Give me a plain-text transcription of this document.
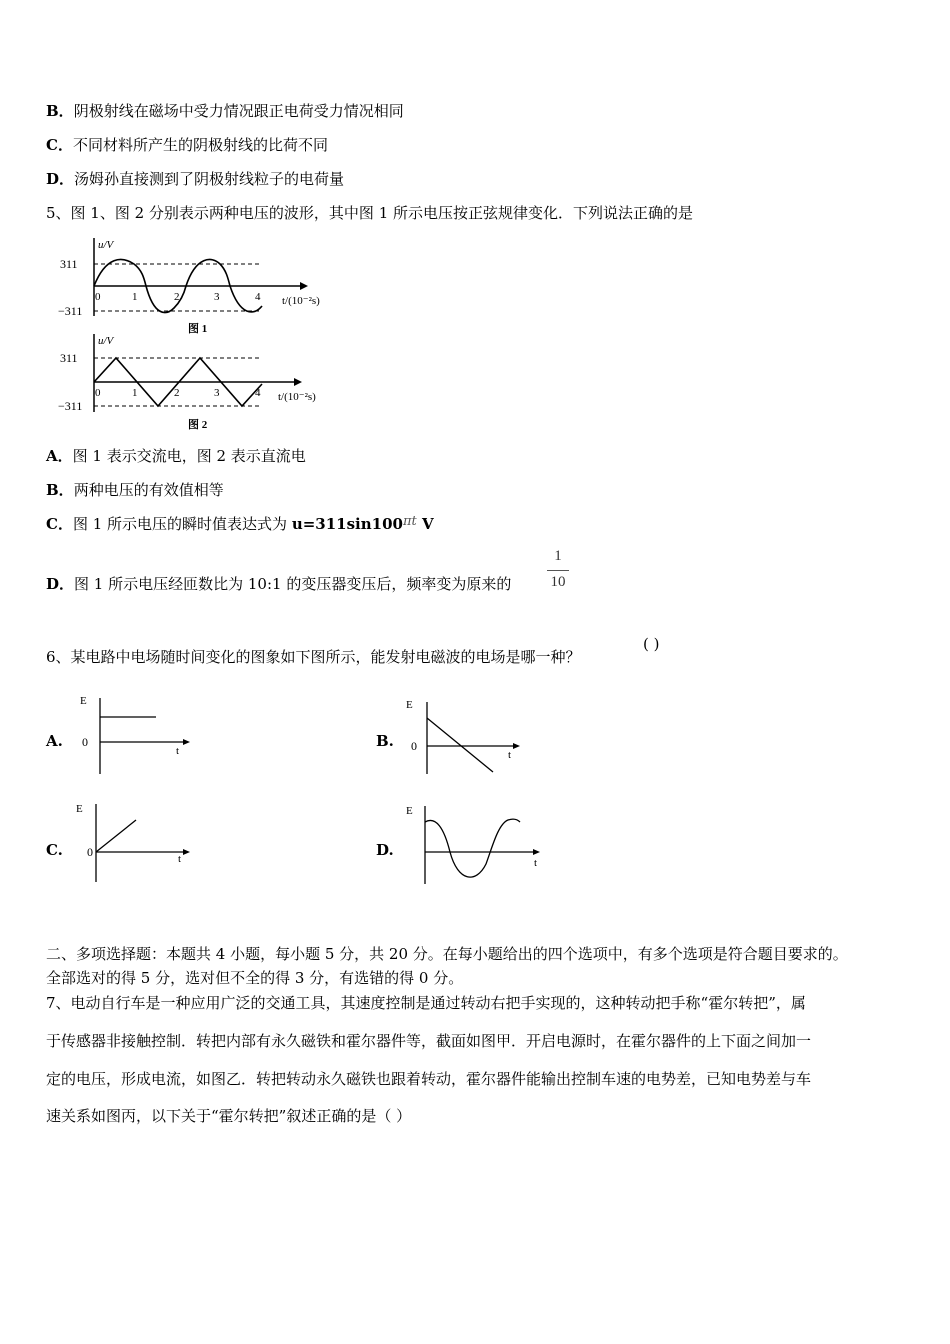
B．阴极射线在磁场中受力情况跟正电荷受力情况相同
C．不同材料所产生的阴极射线的比荷不同
D．汤姆孙直接测到了阴极射线粒子的电荷量
5、图 1、图 2 分别表示两种电压的波形，其中图 1 所示电压按正弦规律变化．下列说法正确的是
u/V
311
−311
0	1	2	3	4 t/(10⁻²s)
图 1
u/V
311
−311
0	1	2	3	4 t/(10⁻²s)
图 2
A．图 1 表示交流电，图 2 表示直流电
B．两种电压的有效值相等
C．图 1 所示电压的瞬时值表达式为 u=311sin100πt V
D．图 1 所示电压经匝数比为 10:1 的变压器变压后，频率变为原来的
1
10
6、某电路中电场随时间变化的图象如下图所示，能发射电磁波的电场是哪一种？
( )
A.
E
0
t
B.
E
0
t
C.
E
0	t	D.
E
t
二、多项选择题：本题共 4 小题，每小题 5 分，共 20 分。在每小题给出的四个选项中，有多个选项是符合题目要求的。
全部选对的得 5 分，选对但不全的得 3 分，有选错的得 0 分。
7、电动自行车是一种应用广泛的交通工具，其速度控制是通过转动右把手实现的，这种转动把手称“霍尔转把”，属
于传感器非接触控制．转把内部有永久磁铁和霍尔器件等，截面如图甲．开启电源时，在霍尔器件的上下面之间加一
定的电压，形成电流，如图乙．转把转动永久磁铁也跟着转动，霍尔器件能输出控制车速的电势差，已知电势差与车
速关系如图丙，以下关于“霍尔转把”叙述正确的是（ ）
